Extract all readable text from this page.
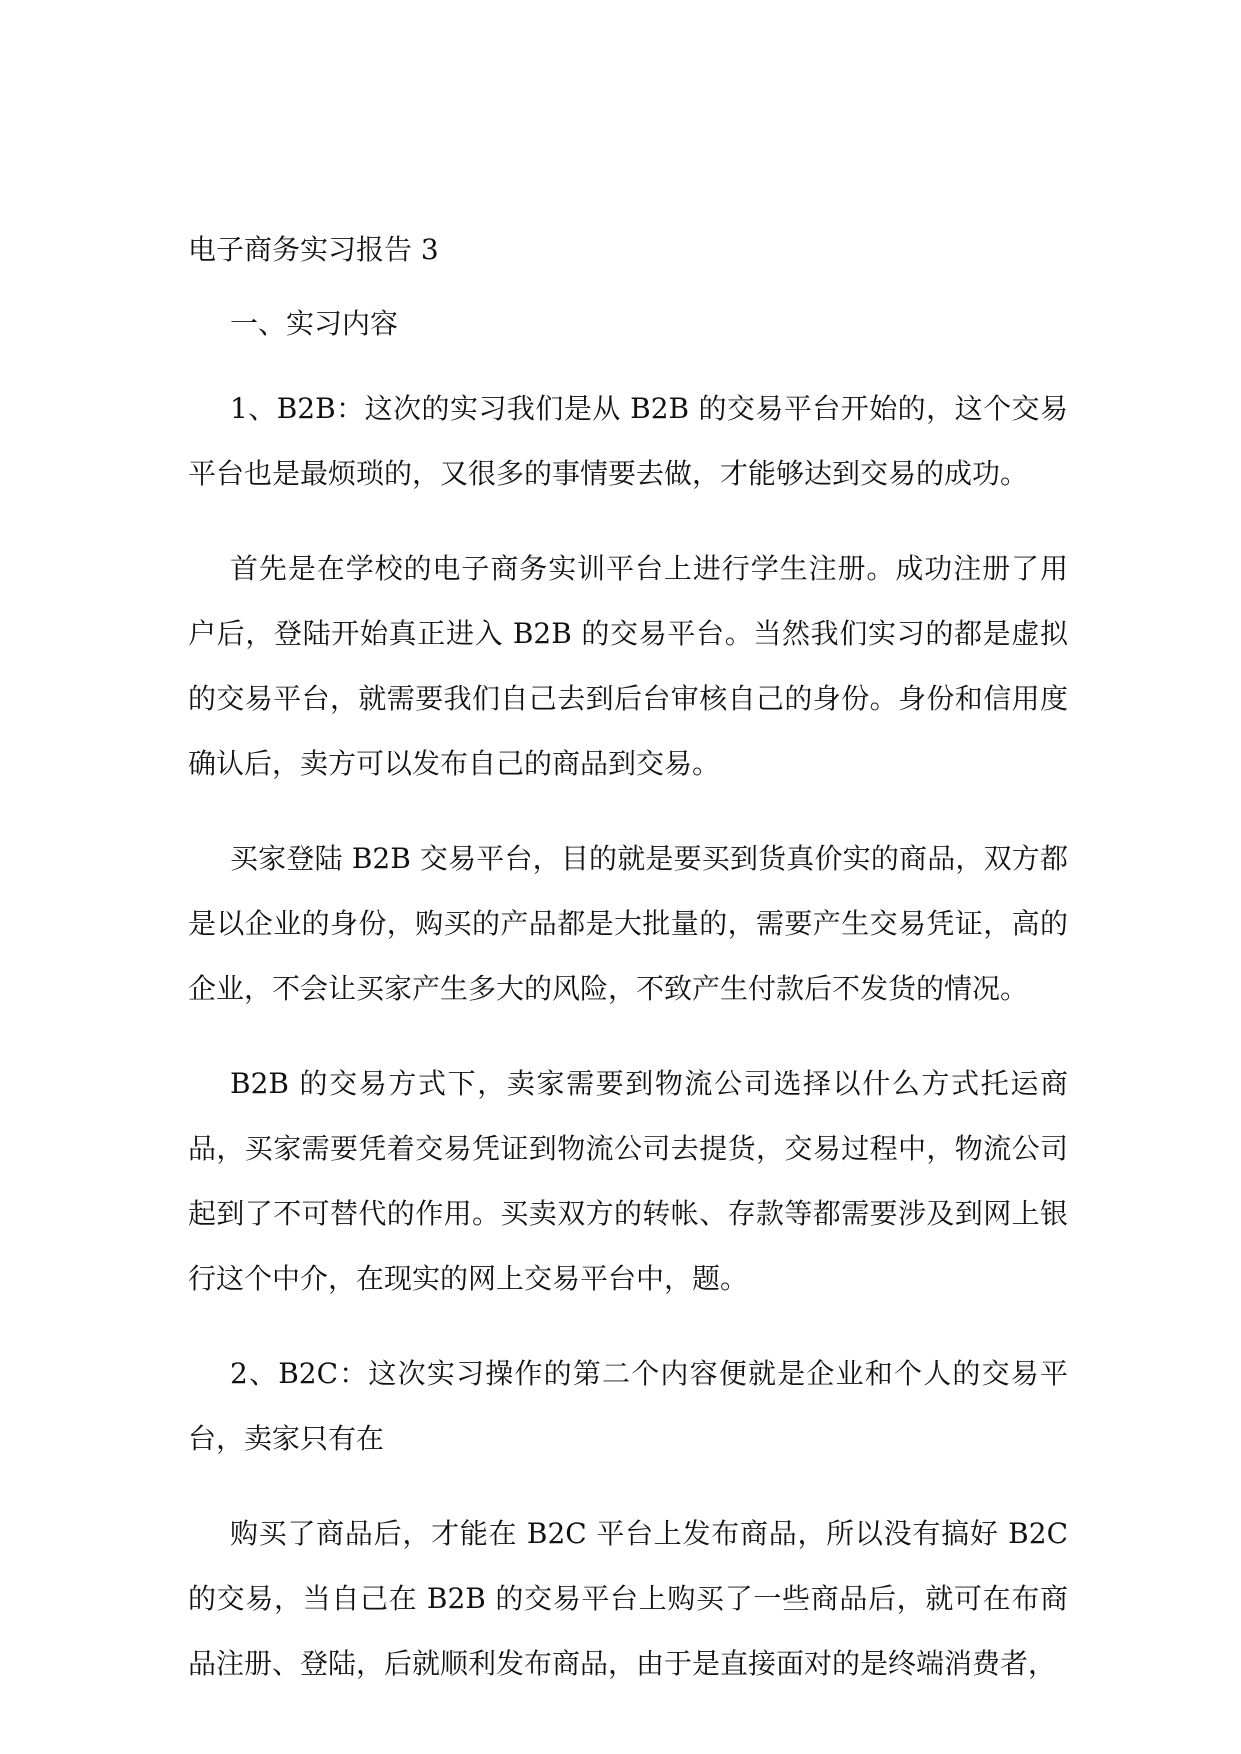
电子商务实习报告 3
一、实习内容

1、B2B：这次的实习我们是从 B2B 的交易平台开始的，这个交易平台也是最烦琐的，又很多的事情要去做，才能够达到交易的成功。

首先是在学校的电子商务实训平台上进行学生注册。成功注册了用户后，登陆开始真正进入 B2B 的交易平台。当然我们实习的都是虚拟的交易平台，就需要我们自己去到后台审核自己的身份。身份和信用度确认后，卖方可以发布自己的商品到交易。

买家登陆 B2B 交易平台，目的就是要买到货真价实的商品，双方都是以企业的身份，购买的产品都是大批量的，需要产生交易凭证，高的企业，不会让买家产生多大的风险，不致产生付款后不发货的情况。

B2B 的交易方式下，卖家需要到物流公司选择以什么方式托运商品，买家需要凭着交易凭证到物流公司去提货，交易过程中，物流公司起到了不可替代的作用。买卖双方的转帐、存款等都需要涉及到网上银行这个中介，在现实的网上交易平台中，题。

2、B2C：这次实习操作的第二个内容便就是企业和个人的交易平台，卖家只有在

购买了商品后，才能在 B2C 平台上发布商品，所以没有搞好 B2C 的交易，当自己在 B2B 的交易平台上购买了一些商品后，就可在布商品注册、登陆，后就顺利发布商品，由于是直接面对的是终端消费者，
